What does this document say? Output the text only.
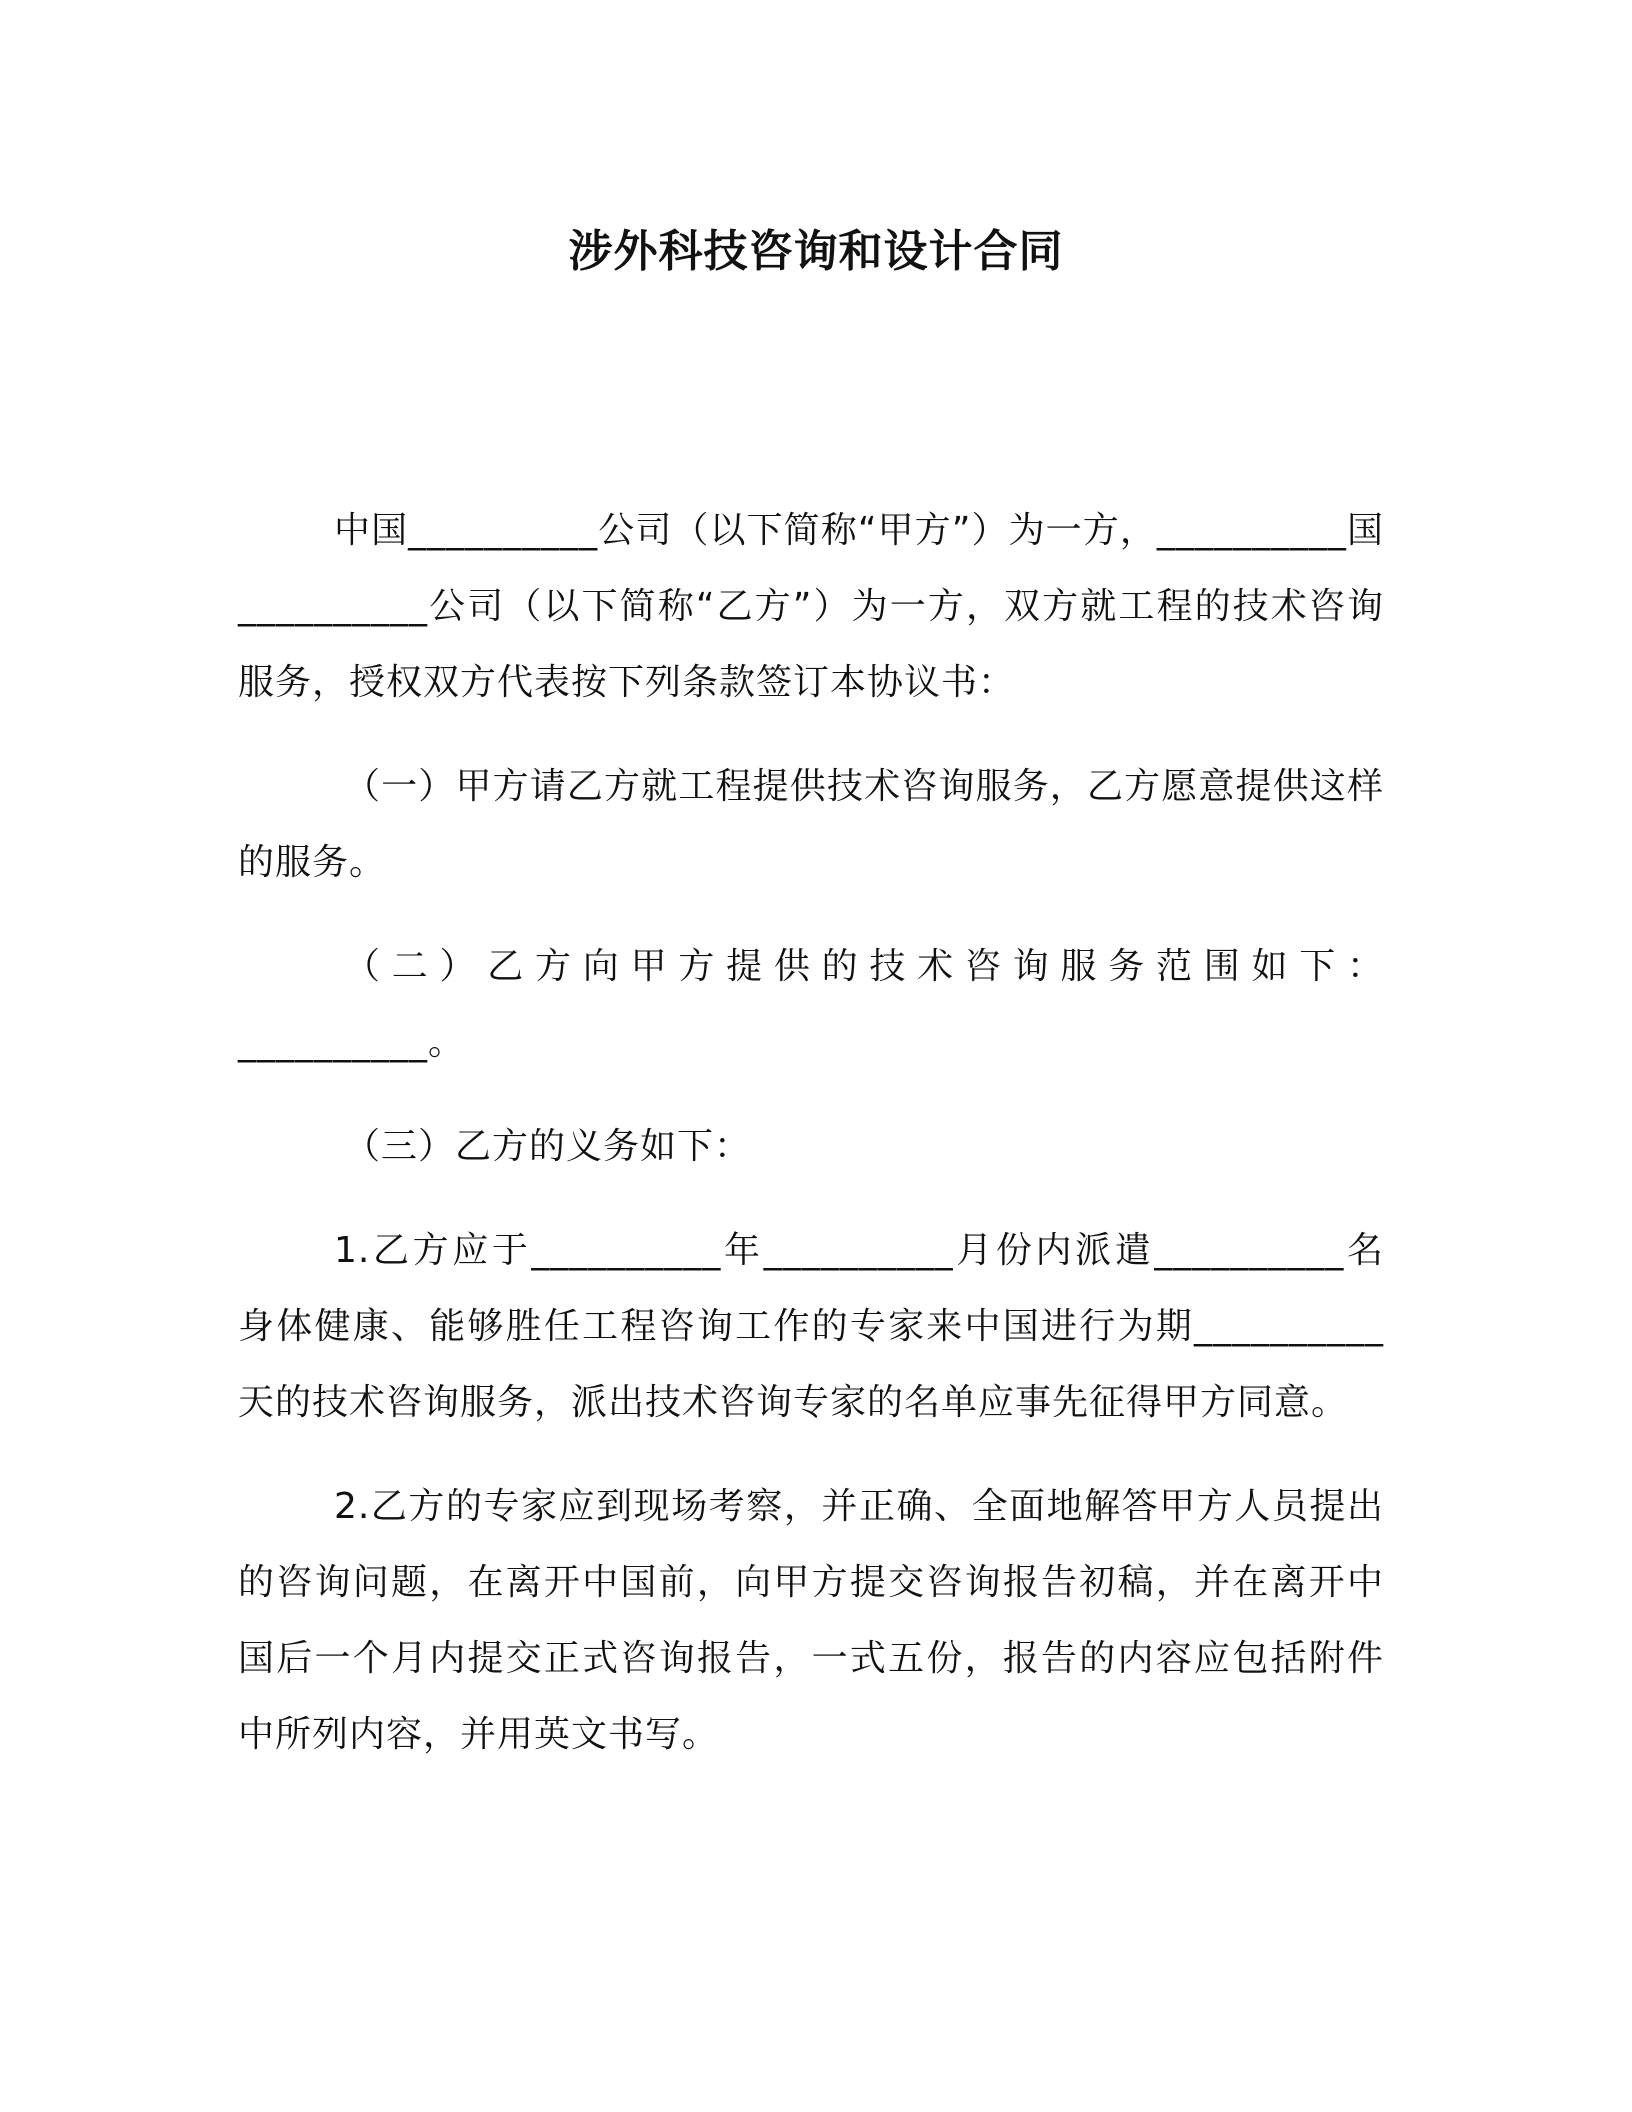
涉外科技咨询和设计合同

中国__________公司（以下简称“甲方”）为一方，__________国__________公司（以下简称“乙方”）为一方，双方就工程的技术咨询服务，授权双方代表按下列条款签订本协议书：

（一）甲方请乙方就工程提供技术咨询服务，乙方愿意提供这样的服务。

（二）乙方向甲方提供的技术咨询服务范围如下：__________。

（三）乙方的义务如下：

1.乙方应于__________年__________月份内派遣__________名身体健康、能够胜任工程咨询工作的专家来中国进行为期__________天的技术咨询服务，派出技术咨询专家的名单应事先征得甲方同意。

2.乙方的专家应到现场考察，并正确、全面地解答甲方人员提出的咨询问题，在离开中国前，向甲方提交咨询报告初稿，并在离开中国后一个月内提交正式咨询报告，一式五份，报告的内容应包括附件中所列内容，并用英文书写。
